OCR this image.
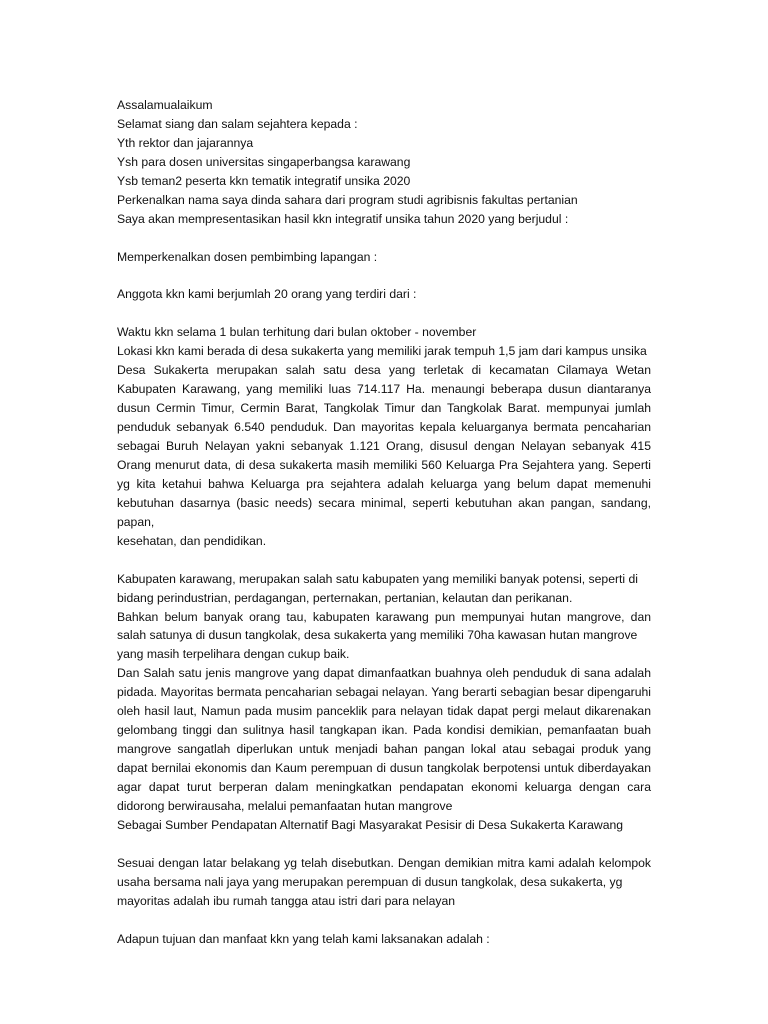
Assalamualaikum
Selamat siang dan salam sejahtera kepada :
Yth rektor dan jajarannya
Ysh para dosen universitas singaperbangsa karawang
Ysb teman2 peserta kkn tematik integratif unsika 2020
Perkenalkan nama saya dinda sahara dari program studi agribisnis fakultas pertanian
Saya akan mempresentasikan hasil kkn integratif unsika tahun 2020 yang berjudul :
Memperkenalkan dosen pembimbing lapangan :
Anggota kkn kami berjumlah 20 orang yang terdiri dari :
Waktu kkn selama 1 bulan terhitung dari bulan oktober - november
Lokasi kkn kami berada di desa sukakerta yang memiliki jarak tempuh 1,5 jam dari kampus unsika

Desa Sukakerta merupakan salah satu desa yang terletak di kecamatan Cilamaya Wetan Kabupaten Karawang, yang memiliki luas 714.117 Ha. menaungi beberapa dusun diantaranya dusun Cermin Timur, Cermin Barat, Tangkolak Timur dan Tangkolak Barat. mempunyai jumlah penduduk sebanyak 6.540 penduduk. Dan mayoritas kepala keluarganya bermata pencaharian sebagai Buruh Nelayan yakni sebanyak 1.121 Orang, disusul dengan Nelayan sebanyak 415 Orang menurut data, di desa sukakerta masih memiliki 560 Keluarga Pra Sejahtera yang. Seperti yg kita ketahui bahwa Keluarga pra sejahtera adalah keluarga yang belum dapat memenuhi kebutuhan dasarnya (basic needs) secara minimal, seperti kebutuhan akan pangan, sandang, papan,
kesehatan, dan pendidikan.

Kabupaten karawang, merupakan salah satu kabupaten yang memiliki banyak potensi, seperti di
bidang perindustrian, perdagangan, perternakan, pertanian, kelautan dan perikanan.

Bahkan belum banyak orang tau, kabupaten karawang pun mempunyai hutan mangrove, dan salah satunya di dusun tangkolak, desa sukakerta yang memiliki 70ha kawasan hutan mangrove
yang masih terpelihara dengan cukup baik.

Dan Salah satu jenis mangrove yang dapat dimanfaatkan buahnya oleh penduduk di sana adalah pidada. Mayoritas bermata pencaharian sebagai nelayan. Yang berarti sebagian besar dipengaruhi oleh hasil laut, Namun pada musim panceklik para nelayan tidak dapat pergi melaut dikarenakan gelombang tinggi dan sulitnya hasil tangkapan ikan. Pada kondisi demikian, pemanfaatan buah mangrove sangatlah diperlukan untuk menjadi bahan pangan lokal atau sebagai produk yang dapat bernilai ekonomis dan Kaum perempuan di dusun tangkolak berpotensi untuk diberdayakan agar dapat turut berperan dalam meningkatkan pendapatan ekonomi keluarga dengan cara didorong berwirausaha, melalui pemanfaatan hutan mangrove
Sebagai Sumber Pendapatan Alternatif Bagi Masyarakat Pesisir di Desa Sukakerta Karawang

Sesuai dengan latar belakang yg telah disebutkan. Dengan demikian mitra kami adalah kelompok usaha bersama nali jaya yang merupakan perempuan di dusun tangkolak, desa sukakerta, yg
mayoritas adalah ibu rumah tangga atau istri dari para nelayan

Adapun tujuan dan manfaat kkn yang telah kami laksanakan adalah :
